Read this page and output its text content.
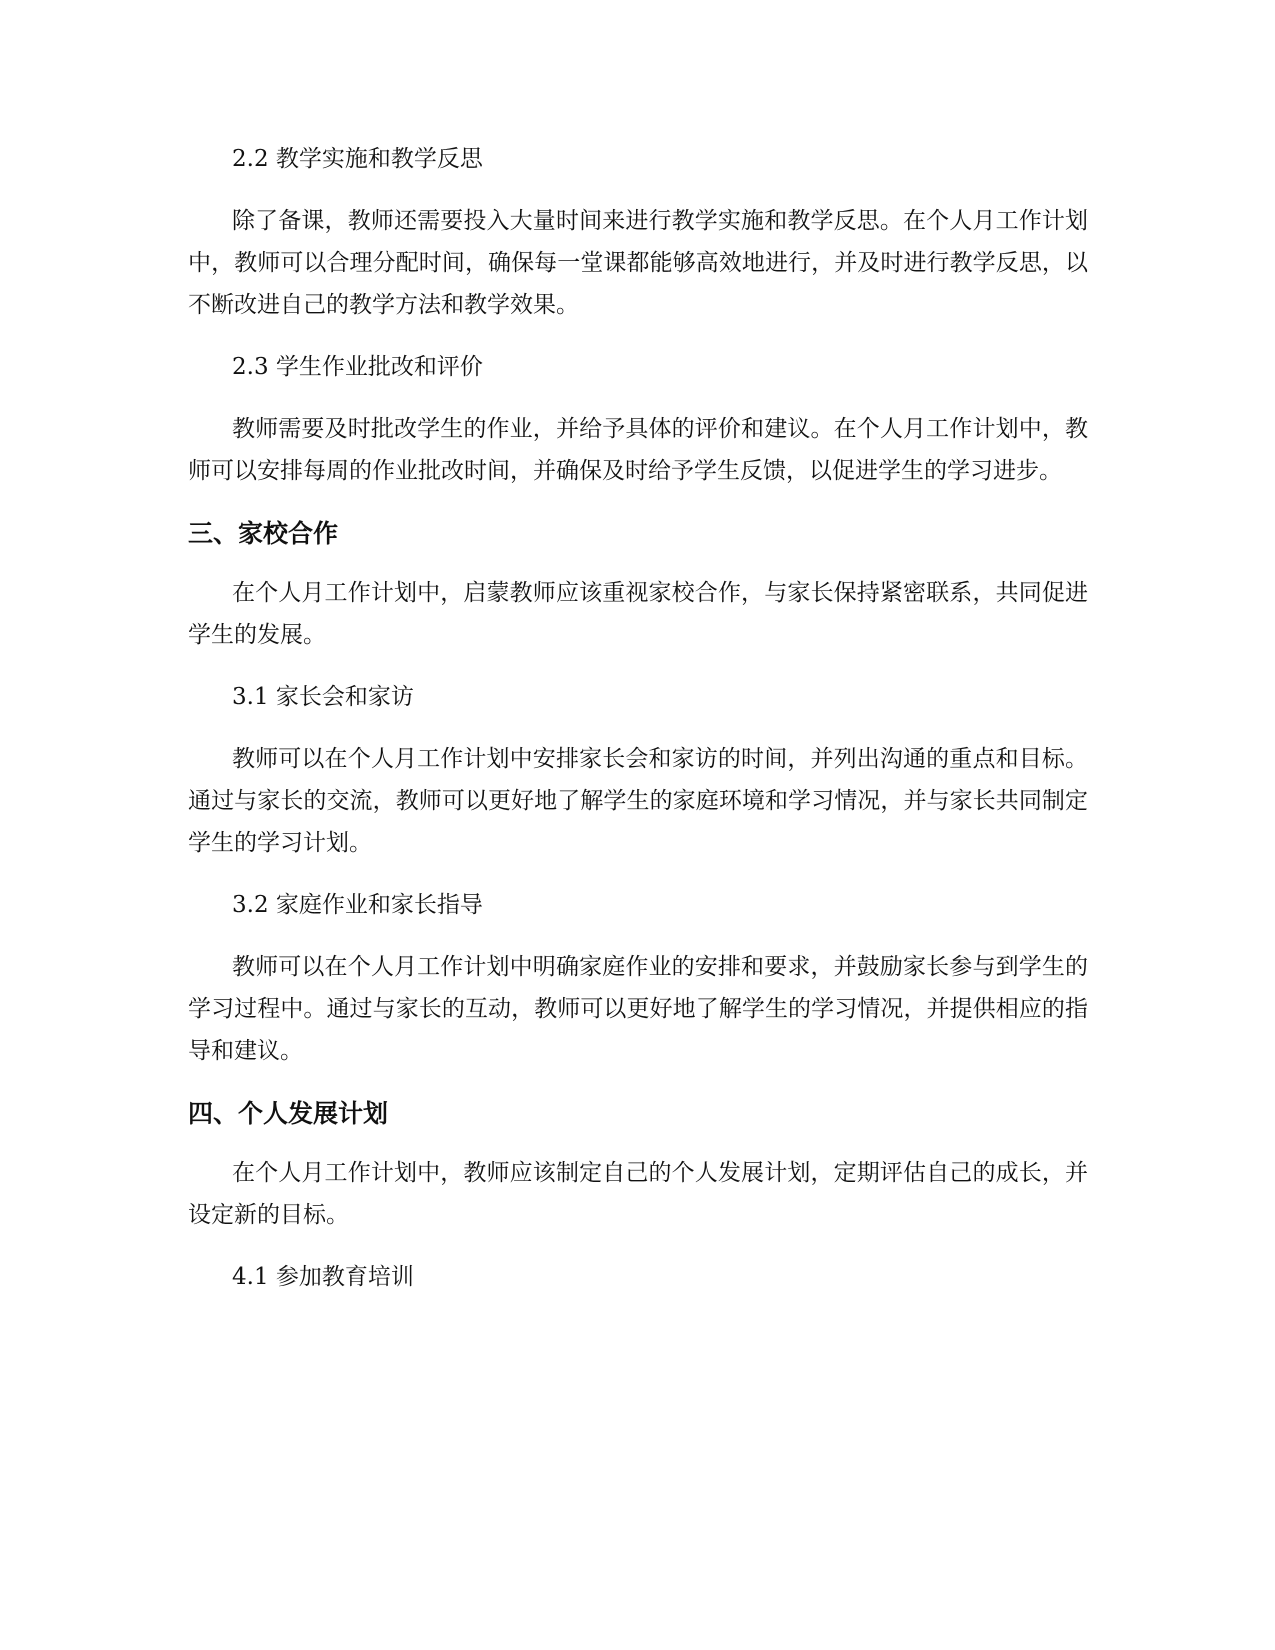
2.2 教学实施和教学反思

除了备课，教师还需要投入大量时间来进行教学实施和教学反思。在个人月工作计划中，教师可以合理分配时间，确保每一堂课都能够高效地进行，并及时进行教学反思，以不断改进自己的教学方法和教学效果。

2.3 学生作业批改和评价

教师需要及时批改学生的作业，并给予具体的评价和建议。在个人月工作计划中，教师可以安排每周的作业批改时间，并确保及时给予学生反馈，以促进学生的学习进步。

三、家校合作

在个人月工作计划中，启蒙教师应该重视家校合作，与家长保持紧密联系，共同促进学生的发展。

3.1 家长会和家访

教师可以在个人月工作计划中安排家长会和家访的时间，并列出沟通的重点和目标。通过与家长的交流，教师可以更好地了解学生的家庭环境和学习情况，并与家长共同制定学生的学习计划。

3.2 家庭作业和家长指导

教师可以在个人月工作计划中明确家庭作业的安排和要求，并鼓励家长参与到学生的学习过程中。通过与家长的互动，教师可以更好地了解学生的学习情况，并提供相应的指导和建议。

四、个人发展计划

在个人月工作计划中，教师应该制定自己的个人发展计划，定期评估自己的成长，并设定新的目标。

4.1 参加教育培训
